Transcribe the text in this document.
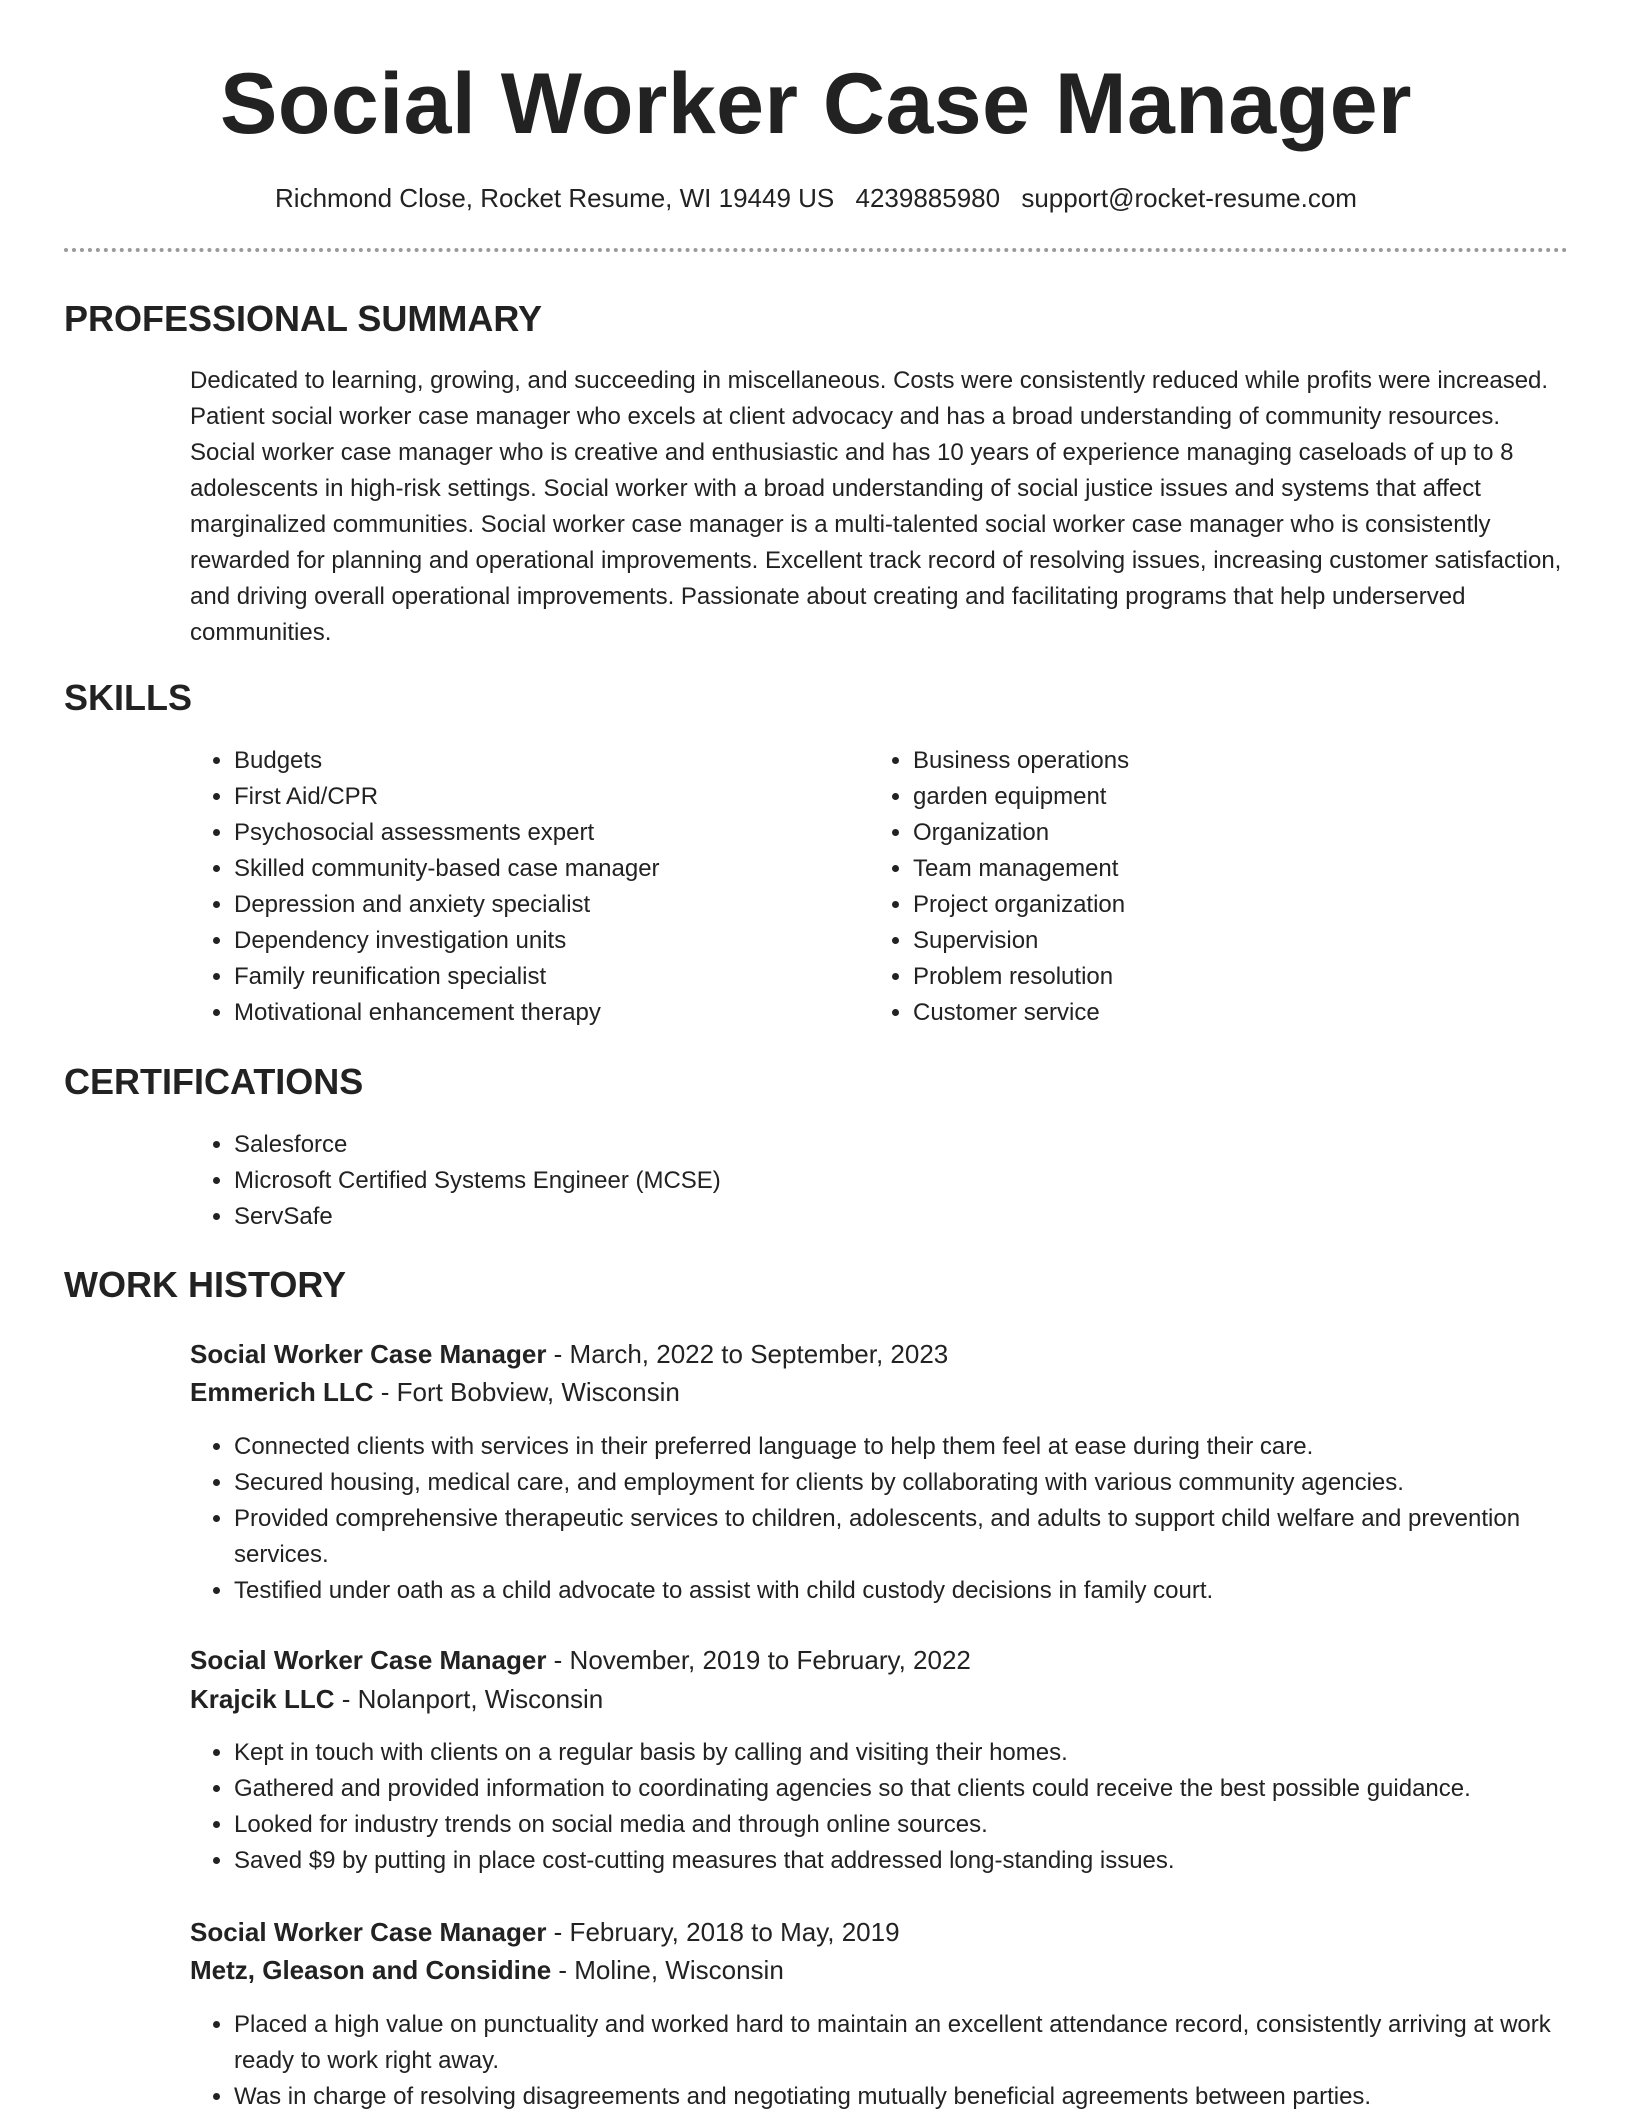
Social Worker Case Manager
Richmond Close, Rocket Resume, WI 19449 US 4239885980 support@rocket-resume.com
PROFESSIONAL SUMMARY

Dedicated to learning, growing, and succeeding in miscellaneous. Costs were consistently reduced while profits were increased. Patient social worker case manager who excels at client advocacy and has a broad understanding of community resources. Social worker case manager who is creative and enthusiastic and has 10 years of experience managing caseloads of up to 8 adolescents in high-risk settings. Social worker with a broad understanding of social justice issues and systems that affect marginalized communities. Social worker case manager is a multi-talented social worker case manager who is consistently rewarded for planning and operational improvements. Excellent track record of resolving issues, increasing customer satisfaction, and driving overall operational improvements. Passionate about creating and facilitating programs that help underserved communities.

SKILLS
• Budgets
• First Aid/CPR
• Psychosocial assessments expert
• Skilled community-based case manager
• Depression and anxiety specialist
• Dependency investigation units
• Family reunification specialist
• Motivational enhancement therapy
• Business operations
• garden equipment
• Organization
• Team management
• Project organization
• Supervision
• Problem resolution
• Customer service
CERTIFICATIONS
• Salesforce
• Microsoft Certified Systems Engineer (MCSE)
• ServSafe
WORK HISTORY
Social Worker Case Manager - March, 2022 to September, 2023
Emmerich LLC - Fort Bobview, Wisconsin
• Connected clients with services in their preferred language to help them feel at ease during their care.
• Secured housing, medical care, and employment for clients by collaborating with various community agencies.
• Provided comprehensive therapeutic services to children, adolescents, and adults to support child welfare and prevention services.
• Testified under oath as a child advocate to assist with child custody decisions in family court.
Social Worker Case Manager - November, 2019 to February, 2022
Krajcik LLC - Nolanport, Wisconsin
• Kept in touch with clients on a regular basis by calling and visiting their homes.
• Gathered and provided information to coordinating agencies so that clients could receive the best possible guidance.
• Looked for industry trends on social media and through online sources.
• Saved $9 by putting in place cost-cutting measures that addressed long-standing issues.
Social Worker Case Manager - February, 2018 to May, 2019
Metz, Gleason and Considine - Moline, Wisconsin
• Placed a high value on punctuality and worked hard to maintain an excellent attendance record, consistently arriving at work ready to work right away.
• Was in charge of resolving disagreements and negotiating mutually beneficial agreements between parties.
